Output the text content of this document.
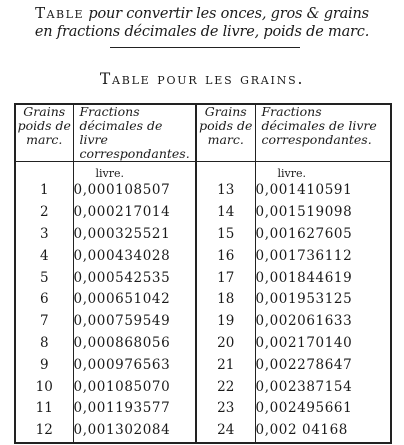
Table pour convertir les onces, gros & grains
en fractions décimales de livre, poids de marc.
Table pour les grains.
Grains poids de marc.	Fractions décimales de livre correspondantes.	Grains poids de marc.	Fractions décimales de livre correspondantes.

	livre.		livre.

1	0,000108507	13	0,001410591
2	0,000217014	14	0,001519098
3	0,000325521	15	0,001627605
4	0,000434028	16	0,001736112
5	0,000542535	17	0,001844619
6	0,000651042	18	0,001953125
7	0,000759549	19	0,002061633
8	0,000868056	20	0,002170140
9	0,000976563	21	0,002278647
10	0,001085070	22	0,002387154
11	0,001193577	23	0,002495661
12	0,001302084	24	0,002 04168
